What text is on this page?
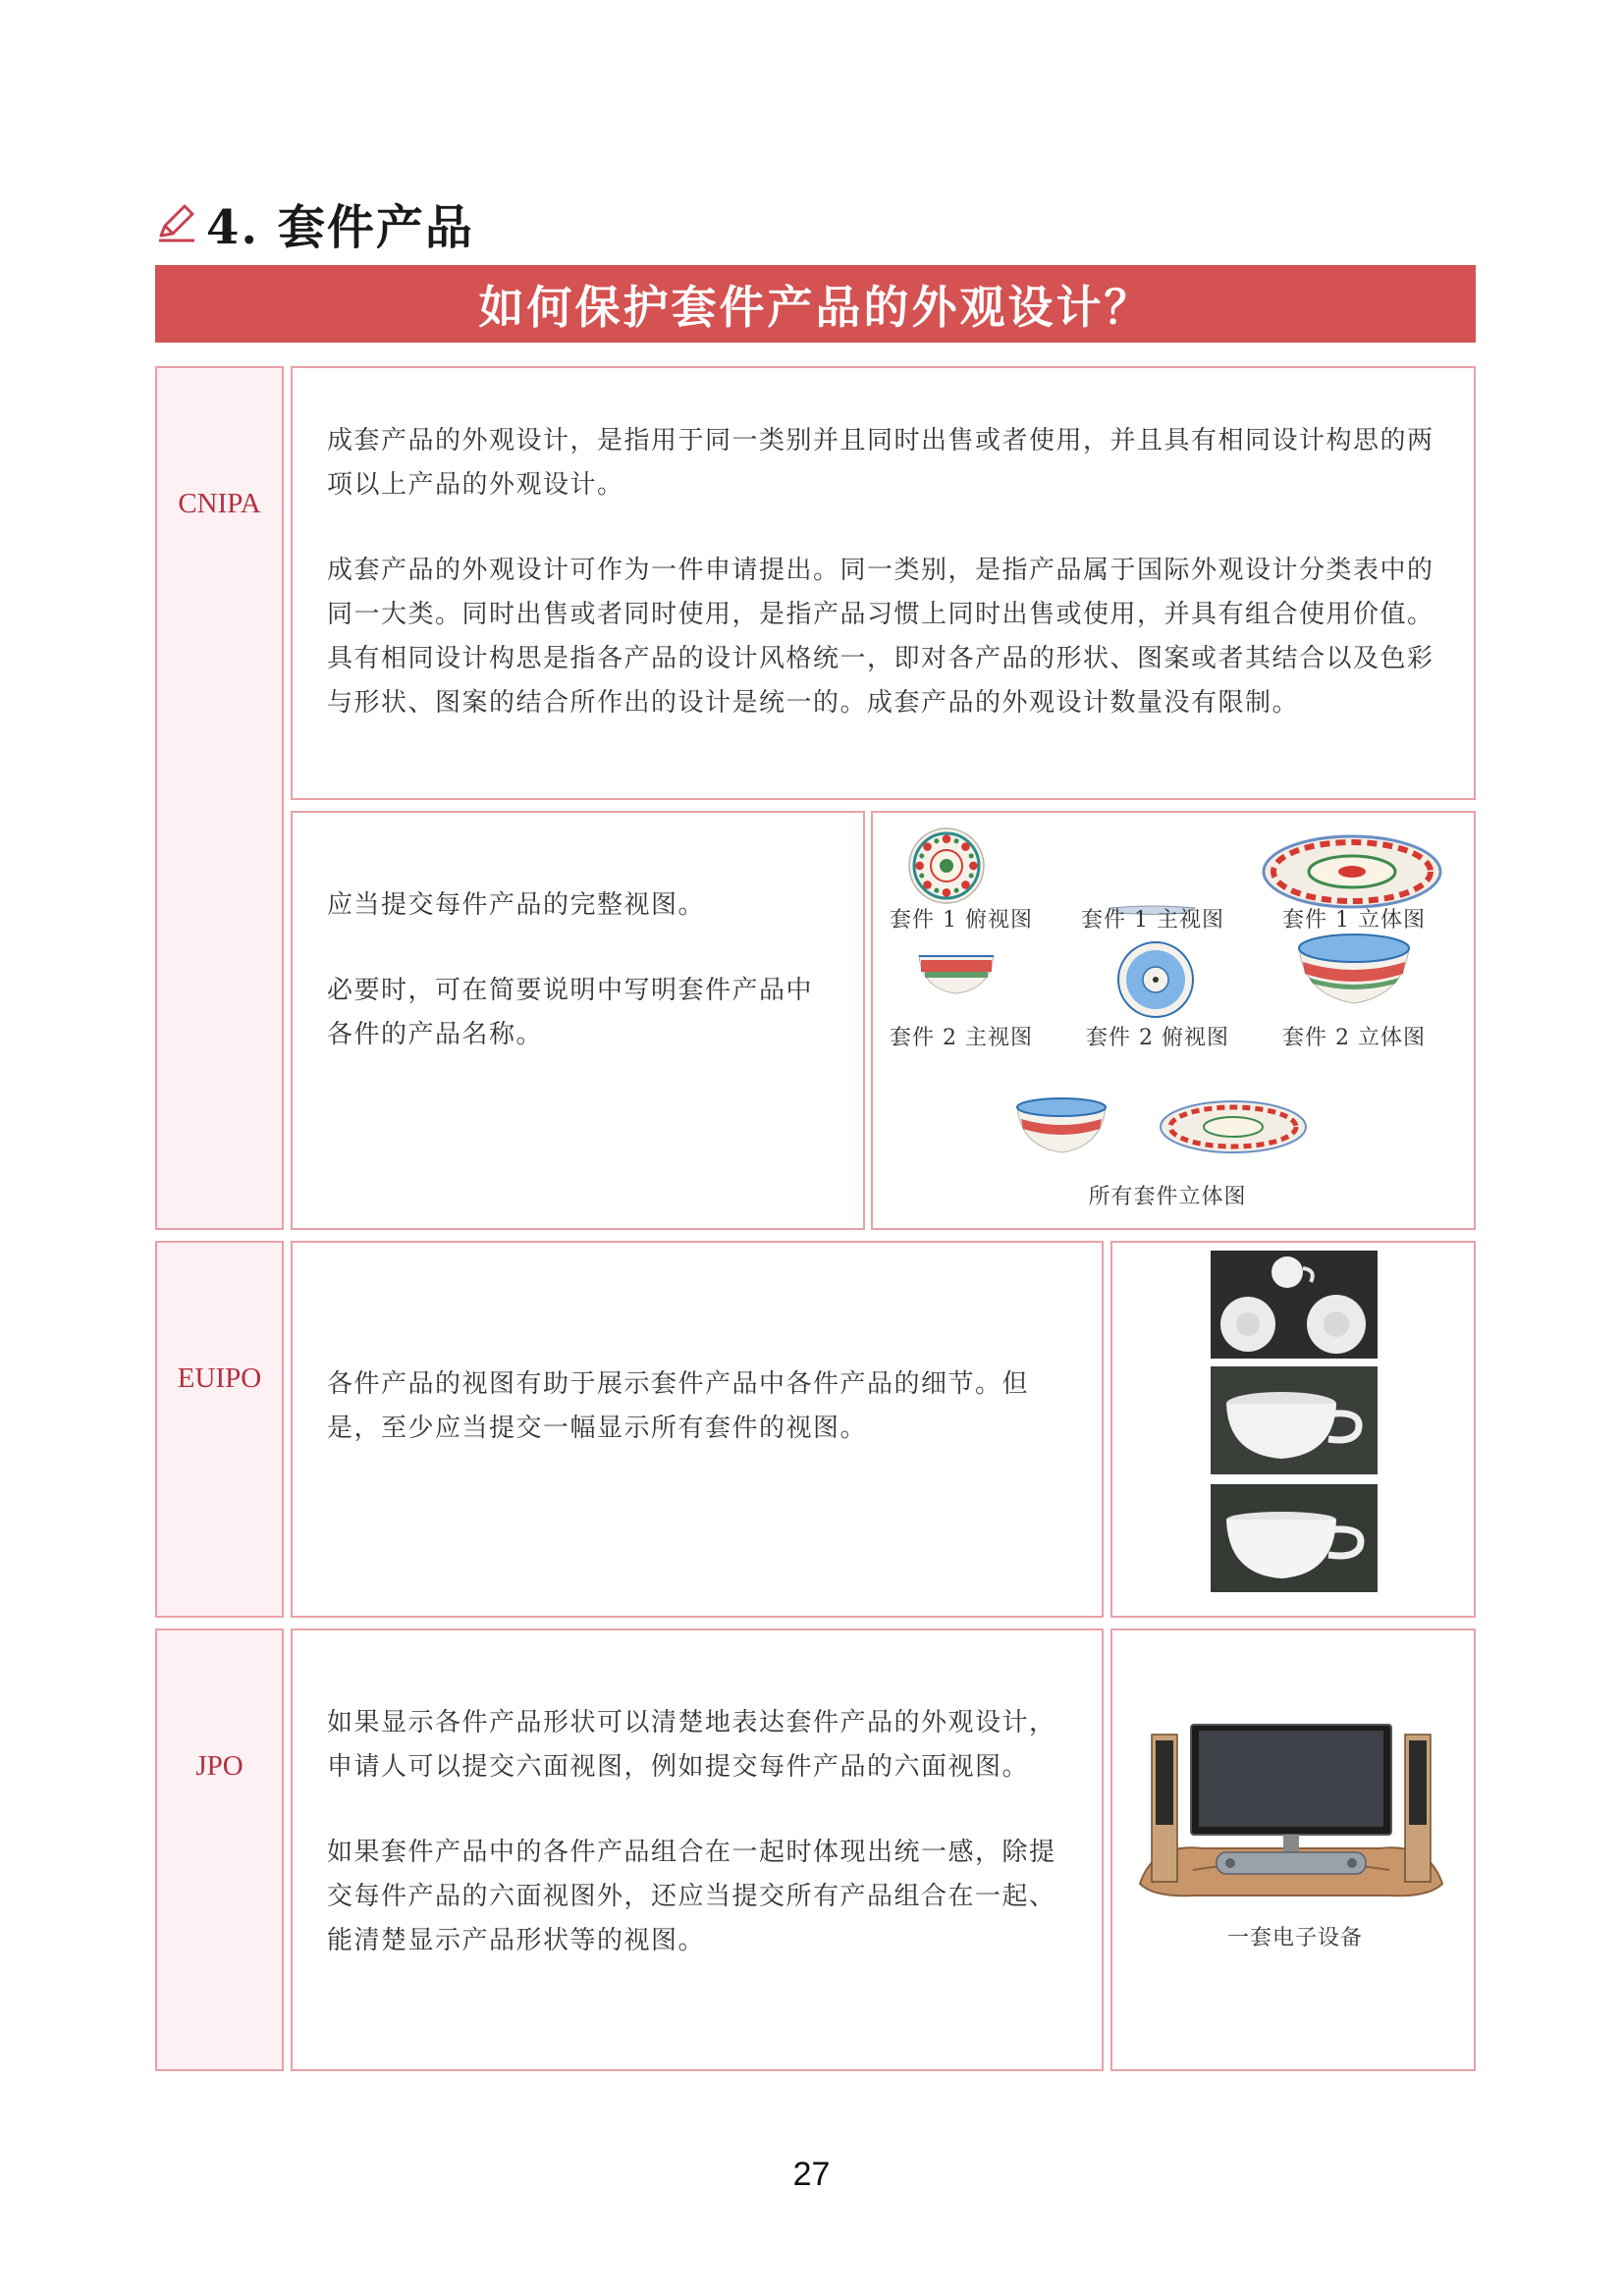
4. 套件产品
如何保护套件产品的外观设计？
CNIPA

成套产品的外观设计，是指用于同一类别并且同时出售或者使用，并且具有相同设计构思的两项以上产品的外观设计。

成套产品的外观设计可作为一件申请提出。同一类别，是指产品属于国际外观设计分类表中的同一大类。同时出售或者同时使用，是指产品习惯上同时出售或使用，并具有组合使用价值。具有相同设计构思是指各产品的设计风格统一，即对各产品的形状、图案或者其结合以及色彩与形状、图案的结合所作出的设计是统一的。成套产品的外观设计数量没有限制。

应当提交每件产品的完整视图。

必要时，可在简要说明中写明套件产品中各件的产品名称。

套件 1 俯视图	套件 1 主视图	套件 1 立体图
套件 2 主视图	套件 2 俯视图	套件 2 立体图
所有套件立体图
EUIPO	各件产品的视图有助于展示套件产品中各件产品的细节。但是，至少应当提交一幅显示所有套件的视图。

JPO

如果显示各件产品形状可以清楚地表达套件产品的外观设计，申请人可以提交六面视图，例如提交每件产品的六面视图。

如果套件产品中的各件产品组合在一起时体现出统一感，除提交每件产品的六面视图外，还应当提交所有产品组合在一起、能清楚显示产品形状等的视图。	一套电子设备
27
